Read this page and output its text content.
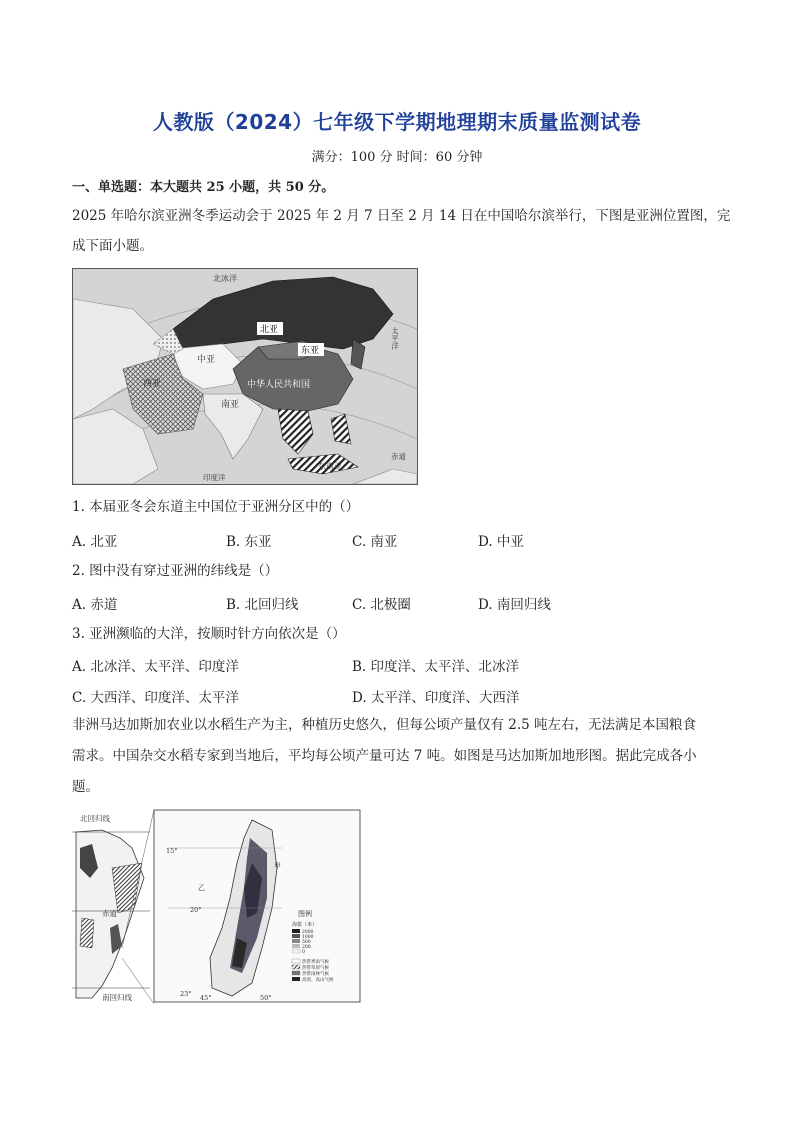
人教版（2024）七年级下学期地理期末质量监测试卷
满分：100 分 时间：60 分钟
一、单选题：本大题共 25 小题，共 50 分。
2025 年哈尔滨亚洲冬季运动会于 2025 年 2 月 7 日至 2 月 14 日在中国哈尔滨举行，下图是亚洲位置图，完
成下面小题。
北冰洋
太平洋
北亚
东亚
中亚
中华人民共和国
西亚
南亚
东南亚
赤道
印度洋
1. 本届亚冬会东道主中国位于亚洲分区中的（）
A. 北亚	B. 东亚	C. 南亚	D. 中亚
2. 图中没有穿过亚洲的纬线是（）
A. 赤道	B. 北回归线	C. 北极圈	D. 南回归线
3. 亚洲濒临的大洋，按顺时针方向依次是（）
A. 北冰洋、太平洋、印度洋	B. 印度洋、太平洋、北冰洋
C. 大西洋、印度洋、太平洋	D. 太平洋、印度洋、大西洋
非洲马达加斯加农业以水稻生产为主，种植历史悠久，但每公顷产量仅有 2.5 吨左右，无法满足本国粮食
需求。中国杂交水稻专家到当地后，平均每公顷产量可达 7 吨。如图是马达加斯加地形图。据此完成各小
题。
北回归线
赤道
南回归线
15°
20°
23° 45°	50°
乙
甲
图例
海拔（米）
2000
1000
500
200
0
热带季雨气候
热带草原气候
热带雨林气候
高原、高山气候
